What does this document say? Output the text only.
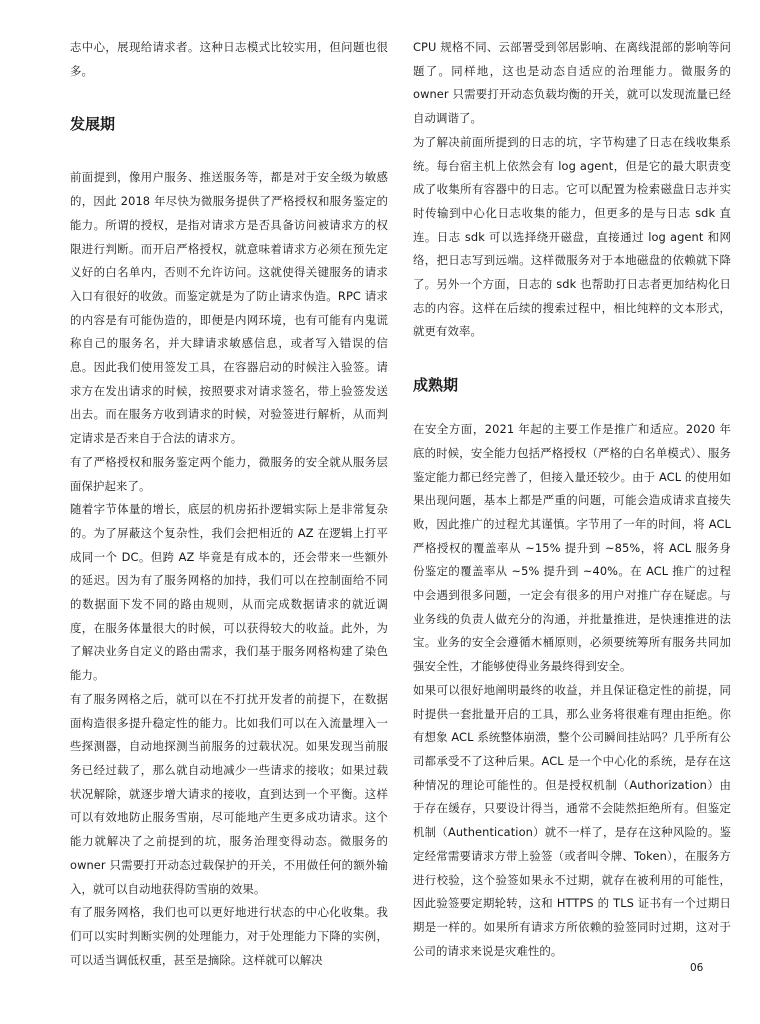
志中心，展现给请求者。这种日志模式比较实用，但问题也很多。

发展期

前面提到，像用户服务、推送服务等，都是对于安全级为敏感的，因此 2018 年尽快为微服务提供了严格授权和服务鉴定的能力。所谓的授权，是指对请求方是否具备访问被请求方的权限进行判断。而开启严格授权，就意味着请求方必须在预先定义好的白名单内，否则不允许访问。这就使得关键服务的请求入口有很好的收敛。而鉴定就是为了防止请求伪造。RPC 请求的内容是有可能伪造的，即便是内网环境，也有可能有内鬼谎称自己的服务名，并大肆请求敏感信息，或者写入错误的信息。因此我们使用签发工具，在容器启动的时候注入验签。请求方在发出请求的时候，按照要求对请求签名，带上验签发送出去。而在服务方收到请求的时候，对验签进行解析，从而判定请求是否来自于合法的请求方。

有了严格授权和服务鉴定两个能力，微服务的安全就从服务层面保护起来了。

随着字节体量的增长，底层的机房拓扑逻辑实际上是非常复杂的。为了屏蔽这个复杂性，我们会把相近的 AZ 在逻辑上打平成同一个 DC。但跨 AZ 毕竟是有成本的，还会带来一些额外的延迟。因为有了服务网格的加持，我们可以在控制面给不同的数据面下发不同的路由规则，从而完成数据请求的就近调度，在服务体量很大的时候，可以获得较大的收益。此外，为了解决业务自定义的路由需求，我们基于服务网格构建了染色能力。

有了服务网格之后，就可以在不打扰开发者的前提下，在数据面构造很多提升稳定性的能力。比如我们可以在入流量埋入一些探测器，自动地探测当前服务的过载状况。如果发现当前服务已经过载了，那么就自动地减少一些请求的接收；如果过载状况解除，就逐步增大请求的接收，直到达到一个平衡。这样可以有效地防止服务雪崩，尽可能地产生更多成功请求。这个能力就解决了之前提到的坑，服务治理变得动态。微服务的 owner 只需要打开动态过载保护的开关，不用做任何的额外输入，就可以自动地获得防雪崩的效果。

有了服务网格，我们也可以更好地进行状态的中心化收集。我们可以实时判断实例的处理能力，对于处理能力下降的实例，可以适当调低权重，甚至是摘除。这样就可以解决

CPU 规格不同、云部署受到邻居影响、在离线混部的影响等问题了。同样地，这也是动态自适应的治理能力。微服务的 owner 只需要打开动态负载均衡的开关，就可以发现流量已经自动调谐了。

为了解决前面所提到的日志的坑，字节构建了日志在线收集系统。每台宿主机上依然会有 log agent，但是它的最大职责变成了收集所有容器中的日志。它可以配置为检索磁盘日志并实时传输到中心化日志收集的能力，但更多的是与日志 sdk 直连。日志 sdk 可以选择绕开磁盘，直接通过 log agent 和网络，把日志写到远端。这样微服务对于本地磁盘的依赖就下降了。另外一个方面，日志的 sdk 也帮助打日志者更加结构化日志的内容。这样在后续的搜索过程中，相比纯粹的文本形式，就更有效率。

成熟期

在安全方面，2021 年起的主要工作是推广和适应。2020 年底的时候，安全能力包括严格授权（严格的白名单模式）、服务鉴定能力都已经完善了，但接入量还较少。由于 ACL 的使用如果出现问题，基本上都是严重的问题，可能会造成请求直接失败，因此推广的过程尤其谨慎。字节用了一年的时间，将 ACL 严格授权的覆盖率从 ~15% 提升到 ~85%，将 ACL 服务身份鉴定的覆盖率从 ~5% 提升到 ~40%。在 ACL 推广的过程中会遇到很多问题，一定会有很多的用户对推广存在疑虑。与业务线的负责人做充分的沟通，并批量推进，是快速推进的法宝。业务的安全会遵循木桶原则，必须要统筹所有服务共同加强安全性，才能够使得业务最终得到安全。

如果可以很好地阐明最终的收益，并且保证稳定性的前提，同时提供一套批量开启的工具，那么业务将很难有理由拒绝。你有想象 ACL 系统整体崩溃，整个公司瞬间挂站吗？几乎所有公司都承受不了这种后果。ACL 是一个中心化的系统，是存在这种情况的理论可能性的。但是授权机制（Authorization）由于存在缓存，只要设计得当，通常不会陡然拒绝所有。但鉴定机制（Authentication）就不一样了，是存在这种风险的。鉴定经常需要请求方带上验签（或者叫令牌、Token），在服务方进行校验，这个验签如果永不过期，就存在被利用的可能性，因此验签要定期轮转，这和 HTTPS 的 TLS 证书有一个过期日期是一样的。如果所有请求方所依赖的验签同时过期，这对于公司的请求来说是灾难性的。

06
